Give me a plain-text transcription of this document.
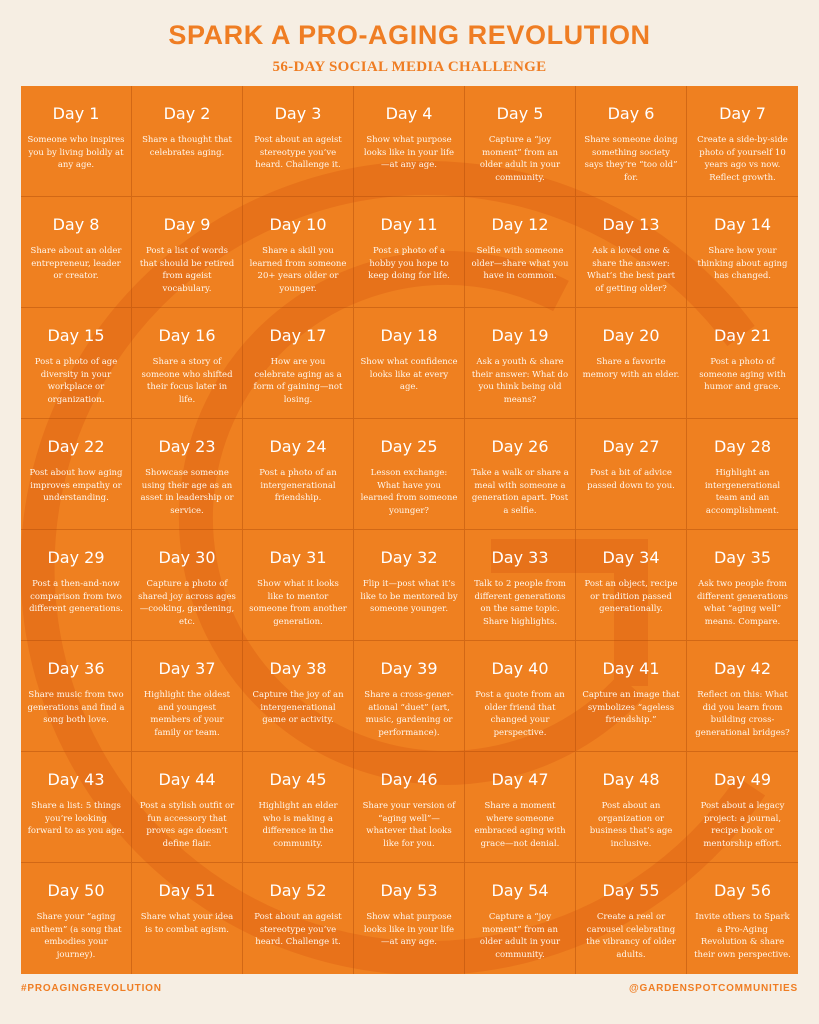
SPARK A PRO-AGING REVOLUTION
56-DAY SOCIAL MEDIA CHALLENGE
Day 1
Someone who inspires you by living boldly at any age.
Day 2
Share a thought that celebrates aging.
Day 3
Post about an ageist stereotype you’ve heard. Challenge it.
Day 4
Show what purpose looks like in your life—at any age.
Day 5
Capture a “joy moment” from an older adult in your community.
Day 6
Share someone doing something society says they’re “too old” for.
Day 7
Create a side-by-side photo of yourself 10 years ago vs now. Reflect growth.
Day 8
Share about an older entrepreneur, leader or creator.
Day 9
Post a list of words that should be retired from ageist vocabulary.
Day 10
Share a skill you learned from someone 20+ years older or younger.
Day 11
Post a photo of a hobby you hope to keep doing for life.
Day 12
Selfie with someone older—share what you have in common.
Day 13
Ask a loved one & share the answer: What’s the best part of getting older?
Day 14
Share how your thinking about aging has changed.
Day 15
Post a photo of age diversity in your workplace or organization.
Day 16
Share a story of someone who shifted their focus later in life.
Day 17
How are you celebrate aging as a form of gaining—not losing.
Day 18
Show what confidence looks like at every age.
Day 19
Ask a youth & share their answer: What do you think being old means?
Day 20
Share a favorite memory with an elder.
Day 21
Post a photo of someone aging with humor and grace.
Day 22
Post about how aging improves empathy or understanding.
Day 23
Showcase someone using their age as an asset in leadership or service.
Day 24
Post a photo of an intergenerational friendship.
Day 25
Lesson exchange: What have you learned from someone younger?
Day 26
Take a walk or share a meal with someone a generation apart. Post a selfie.
Day 27
Post a bit of advice passed down to you.
Day 28
Highlight an intergenerational team and an accomplishment.
Day 29
Post a then-and-now comparison from two different generations.
Day 30
Capture a photo of shared joy across ages—cooking, gardening, etc.
Day 31
Show what it looks like to mentor someone from another generation.
Day 32
Flip it—post what it’s like to be mentored by someone younger.
Day 33
Talk to 2 people from different generations on the same topic. Share highlights.
Day 34
Post an object, recipe or tradition passed generationally.
Day 35
Ask two people from different generations what “aging well” means. Compare.
Day 36
Share music from two generations and find a song both love.
Day 37
Highlight the oldest and youngest members of your family or team.
Day 38
Capture the joy of an intergenerational game or activity.
Day 39
Share a cross-gener-ational “duet” (art, music, gardening or performance).
Day 40
Post a quote from an older friend that changed your perspective.
Day 41
Capture an image that symbolizes “ageless friendship.”
Day 42
Reflect on this: What did you learn from building cross-generational bridges?
Day 43
Share a list: 5 things you’re looking forward to as you age.
Day 44
Post a stylish outfit or fun accessory that proves age doesn’t define flair.
Day 45
Highlight an elder who is making a difference in the community.
Day 46
Share your version of “aging well”—whatever that looks like for you.
Day 47
Share a moment where someone embraced aging with grace—not denial.
Day 48
Post about an organization or business that’s age inclusive.
Day 49
Post about a legacy project: a journal, recipe book or mentorship effort.
Day 50
Share your “aging anthem” (a song that embodies your journey).
Day 51
Share what your idea is to combat agism.
Day 52
Post about an ageist stereotype you’ve heard. Challenge it.
Day 53
Show what purpose looks like in your life—at any age.
Day 54
Capture a “joy moment” from an older adult in your community.
Day 55
Create a reel or carousel celebrating the vibrancy of older adults.
Day 56
Invite others to Spark a Pro-Aging Revolution & share their own perspective.
#PROAGINGREVOLUTION	@GARDENSPOTCOMMUNITIES
